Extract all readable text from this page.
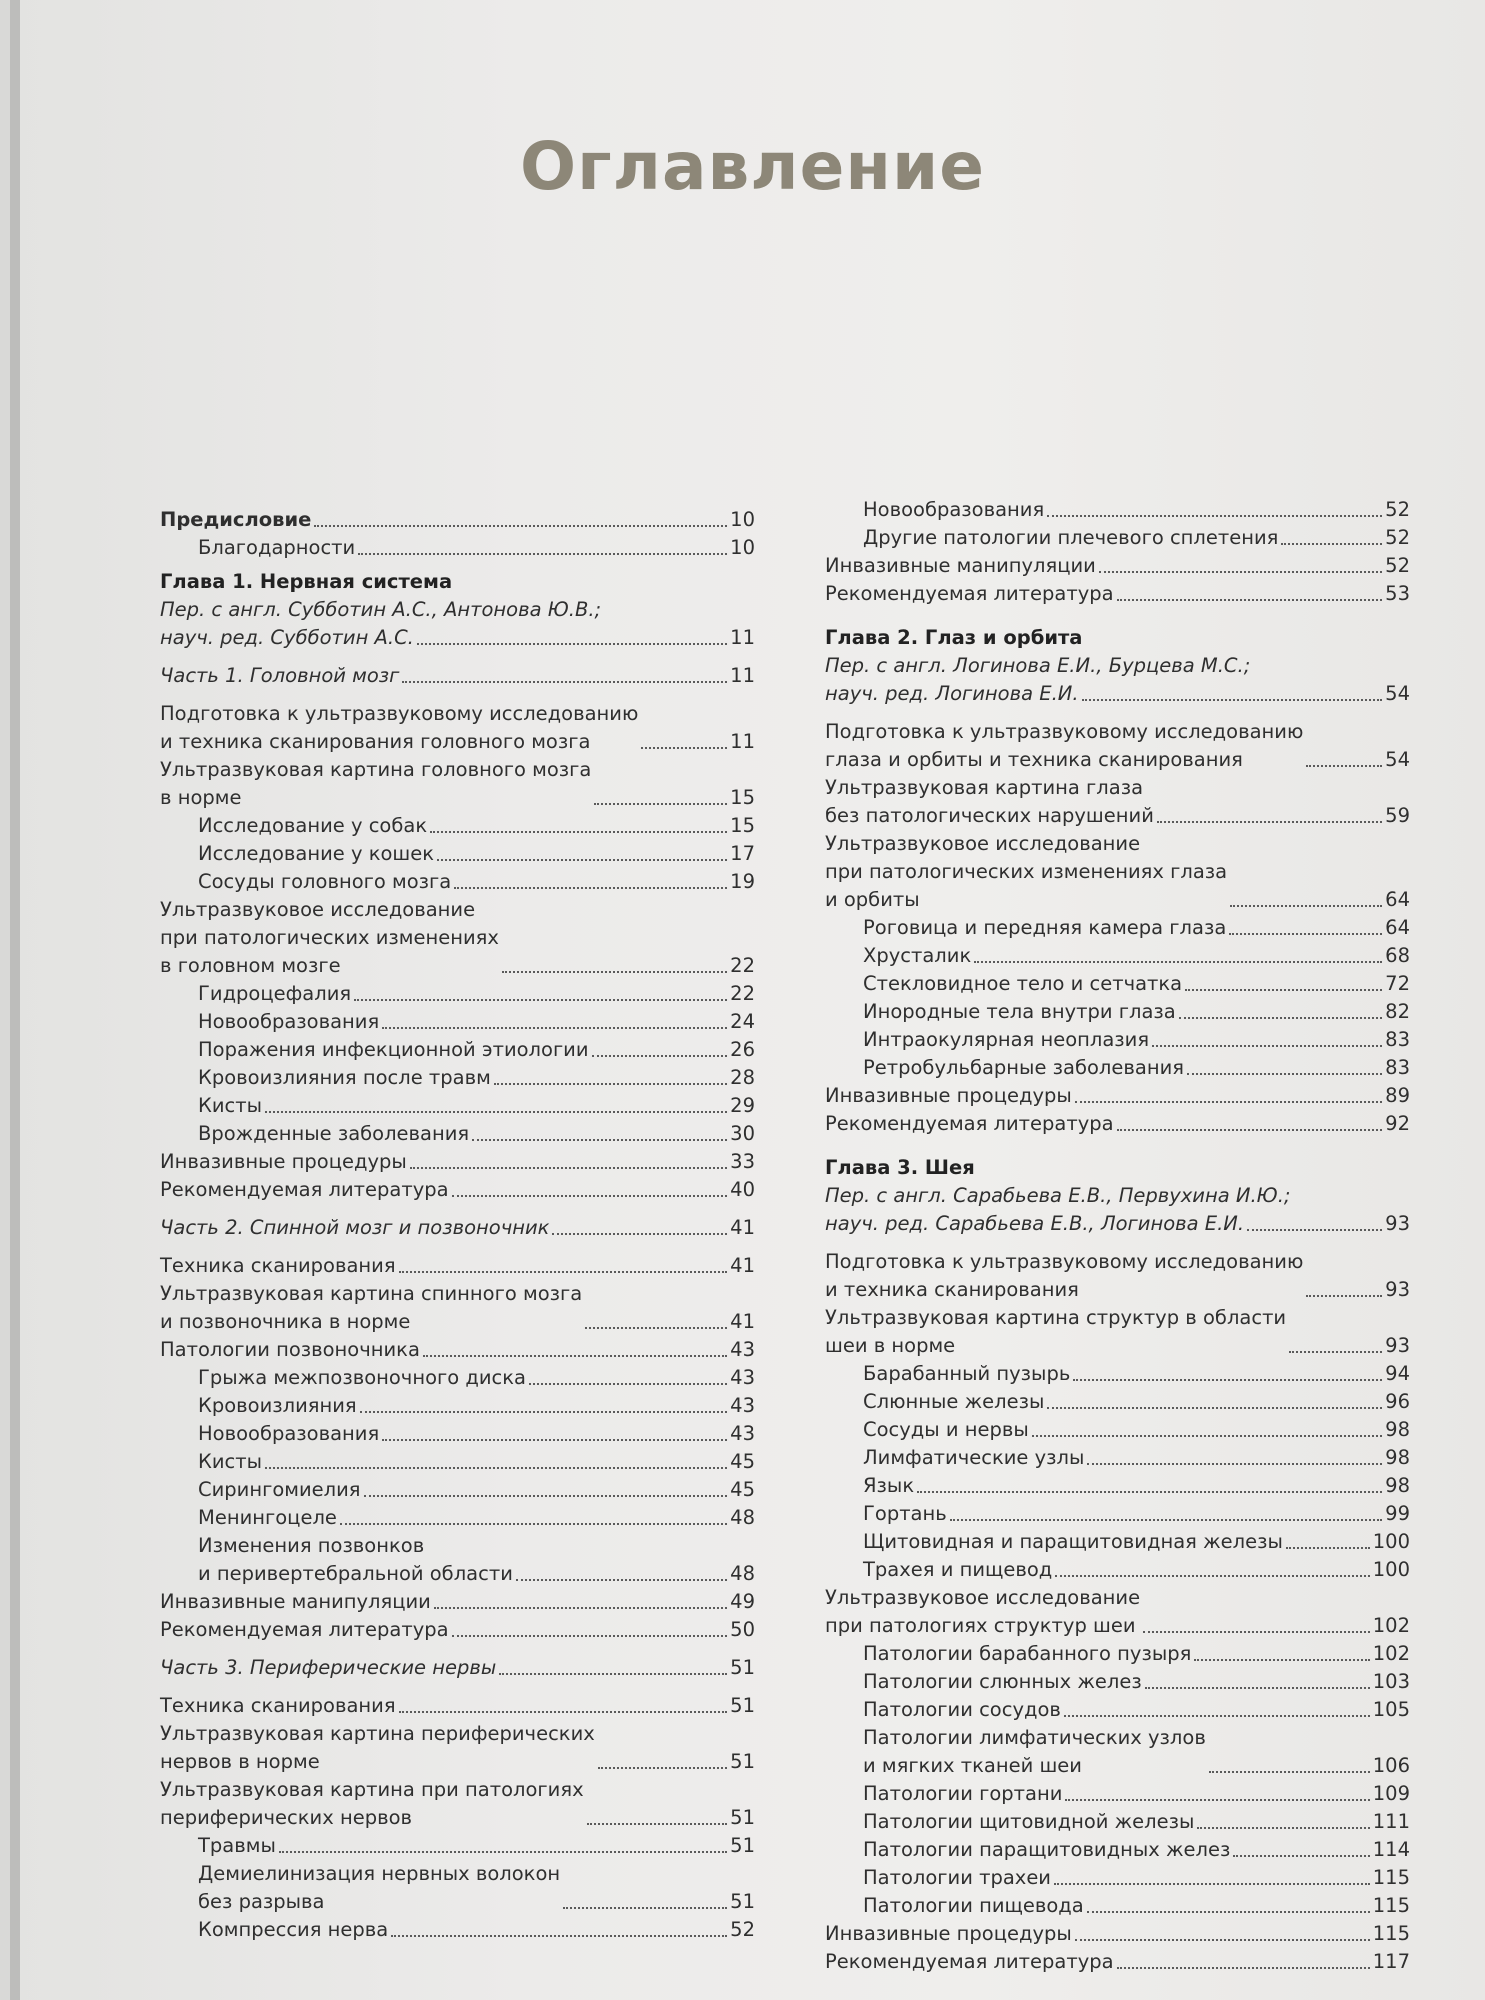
Оглавление
Предисловие	10
Благодарности	10
Глава 1. Нервная система
Пер. с англ. Субботин А.С., Антонова Ю.В.;
науч. ред. Субботин А.С.	11
Часть 1. Головной мозг	11
Подготовка к ультразвуковому исследованию
и техника сканирования головного мозга	11
Ультразвуковая картина головного мозга
в норме	15
Исследование у собак	15
Исследование у кошек	17
Сосуды головного мозга	19
Ультразвуковое исследование
при патологических изменениях
в головном мозге	22
Гидроцефалия	22
Новообразования	24
Поражения инфекционной этиологии	26
Кровоизлияния после травм	28
Кисты	29
Врожденные заболевания	30
Инвазивные процедуры	33
Рекомендуемая литература	40
Часть 2. Спинной мозг и позвоночник	41
Техника сканирования	41
Ультразвуковая картина спинного мозга
и позвоночника в норме	41
Патологии позвоночника	43
Грыжа межпозвоночного диска	43
Кровоизлияния	43
Новообразования	43
Кисты	45
Сирингомиелия	45
Менингоцеле	48
Изменения позвонков
и перивертебральной области	48
Инвазивные манипуляции	49
Рекомендуемая литература	50
Часть 3. Периферические нервы	51
Техника сканирования	51
Ультразвуковая картина периферических
нервов в норме	51
Ультразвуковая картина при патологиях
периферических нервов	51
Травмы	51
Демиелинизация нервных волокон
без разрыва	51
Компрессия нерва	52
Новообразования	52
Другие патологии плечевого сплетения	52
Инвазивные манипуляции	52
Рекомендуемая литература	53
Глава 2. Глаз и орбита
Пер. с англ. Логинова Е.И., Бурцева М.С.;
науч. ред. Логинова Е.И.	54
Подготовка к ультразвуковому исследованию
глаза и орбиты и техника сканирования	54
Ультразвуковая картина глаза
без патологических нарушений	59
Ультразвуковое исследование
при патологических изменениях глаза
и орбиты	64
Роговица и передняя камера глаза	64
Хрусталик	68
Стекловидное тело и сетчатка	72
Инородные тела внутри глаза	82
Интраокулярная неоплазия	83
Ретробульбарные заболевания	83
Инвазивные процедуры	89
Рекомендуемая литература	92
Глава 3. Шея
Пер. с англ. Сарабьева Е.В., Первухина И.Ю.;
науч. ред. Сарабьева Е.В., Логинова Е.И.	93
Подготовка к ультразвуковому исследованию
и техника сканирования	93
Ультразвуковая картина структур в области
шеи в норме	93
Барабанный пузырь	94
Слюнные железы	96
Сосуды и нервы	98
Лимфатические узлы	98
Язык	98
Гортань	99
Щитовидная и паращитовидная железы	100
Трахея и пищевод	100
Ультразвуковое исследование
при патологиях структур шеи	102
Патологии барабанного пузыря	102
Патологии слюнных желез	103
Патологии сосудов	105
Патологии лимфатических узлов
и мягких тканей шеи	106
Патологии гортани	109
Патологии щитовидной железы	111
Патологии паращитовидных желез	114
Патологии трахеи	115
Патологии пищевода	115
Инвазивные процедуры	115
Рекомендуемая литература	117
